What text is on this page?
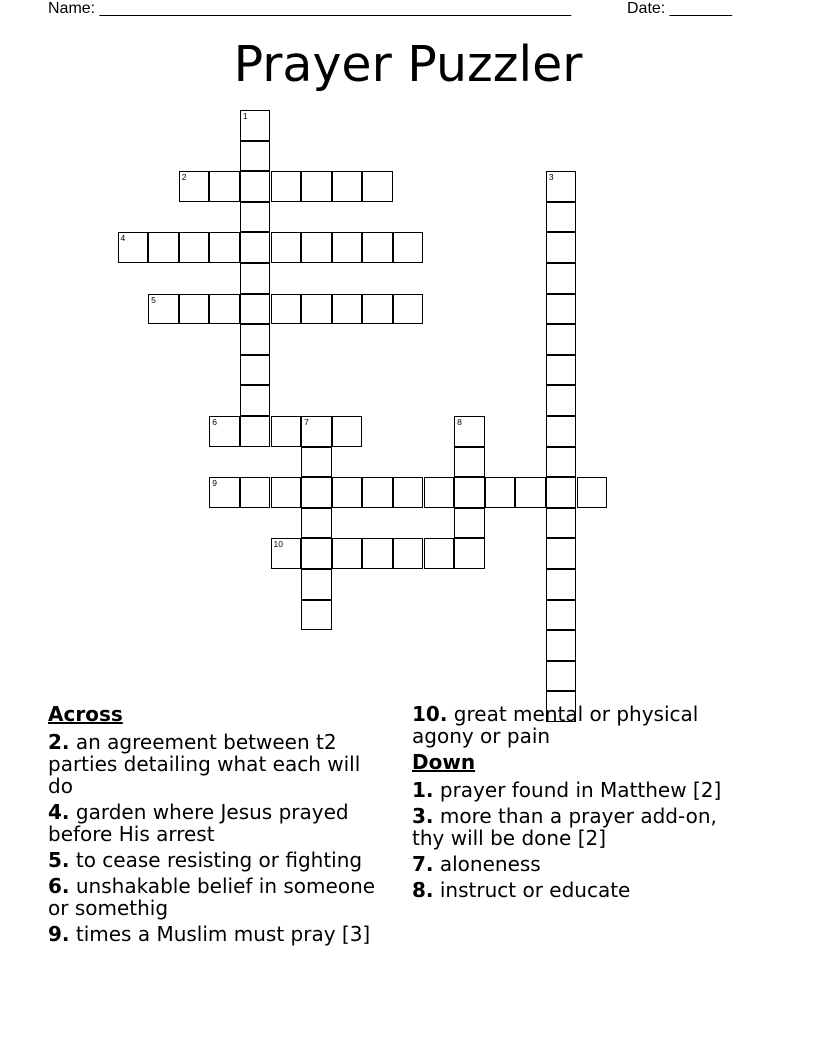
Name: _____________________________________________________	Date: _______
Prayer Puzzler
2
4
5
6	7
9
10
1
3
8
Across
2. an agreement between t2 parties detailing what each will do
4. garden where Jesus prayed before His arrest
5. to cease resisting or fighting
6. unshakable belief in someone or somethig
9. times a Muslim must pray [3]
10. great mental or physical agony or pain
Down
1. prayer found in Matthew [2]
3. more than a prayer add-on, thy will be done [2]
7. aloneness
8. instruct or educate
